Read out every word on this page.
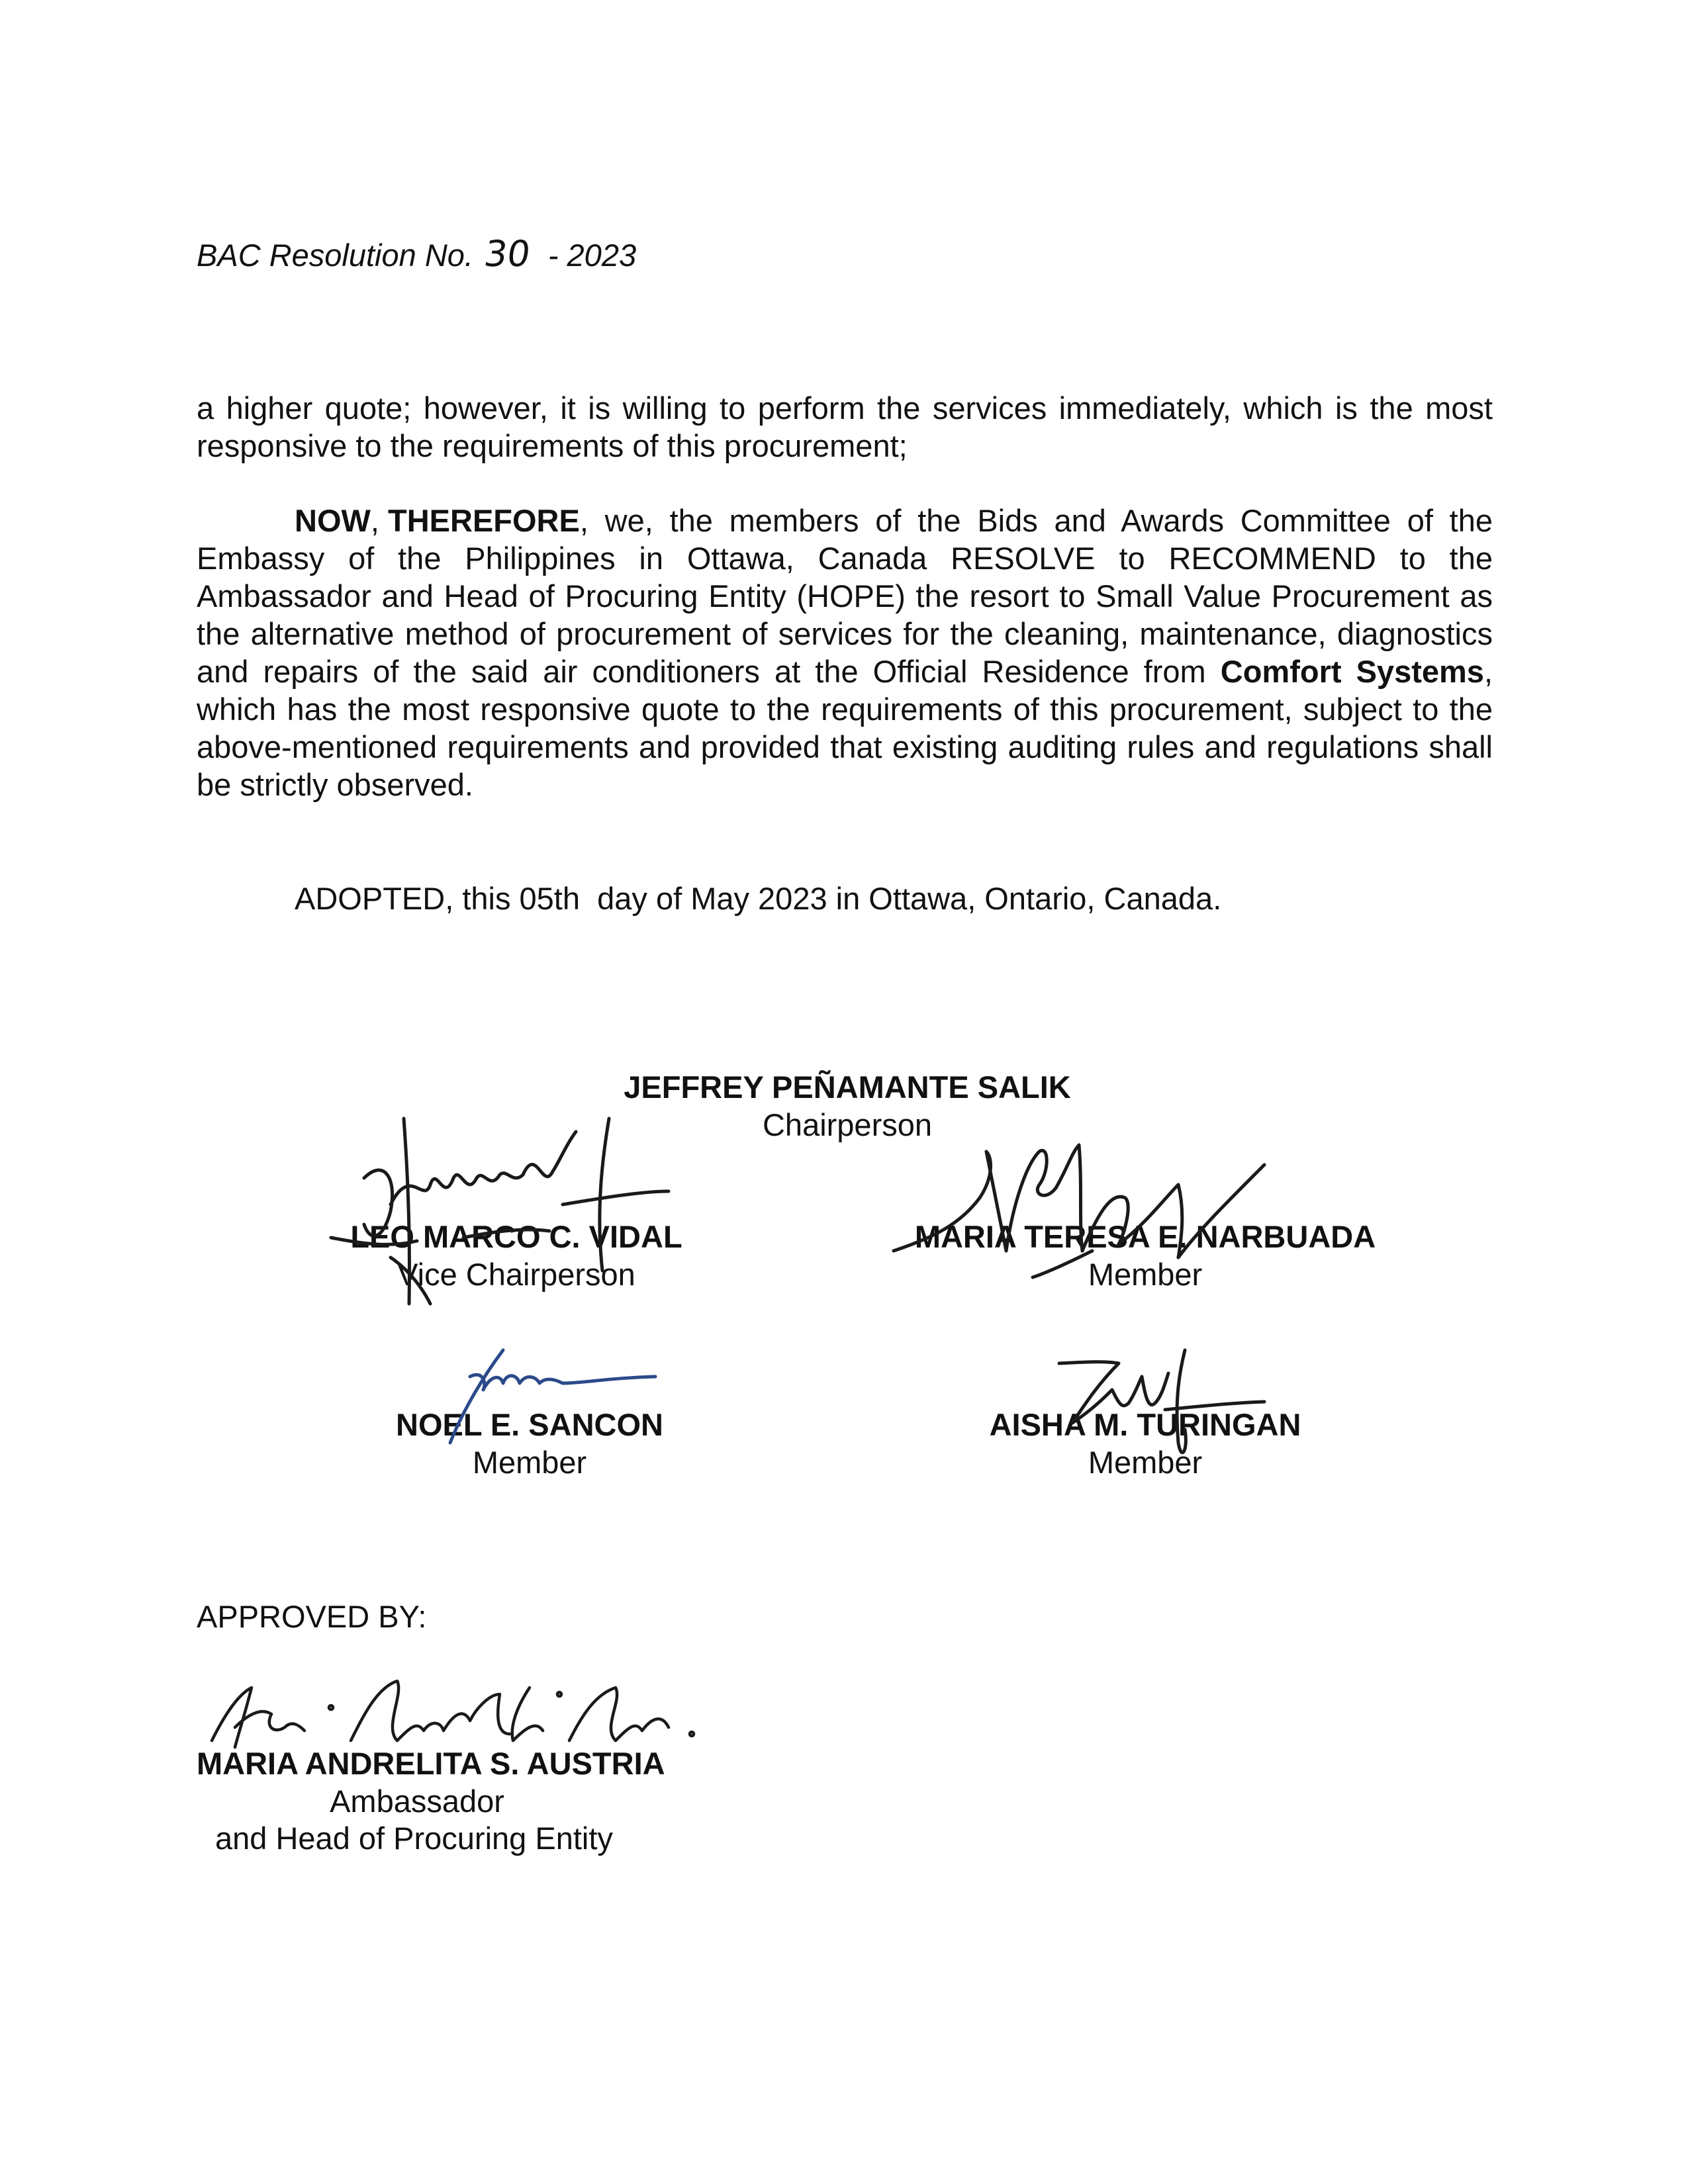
BAC Resolution No. 30 - 2023
a higher quote; however, it is willing to perform the services immediately, which is the most responsive to the requirements of this procurement;
NOW, THEREFORE, we, the members of the Bids and Awards Committee of the Embassy of the Philippines in Ottawa, Canada RESOLVE to RECOMMEND to the Ambassador and Head of Procuring Entity (HOPE) the resort to Small Value Procurement as the alternative method of procurement of services for the cleaning, maintenance, diagnostics and repairs of the said air conditioners at the Official Residence from Comfort Systems, which has the most responsive quote to the requirements of this procurement, subject to the above-mentioned requirements and provided that existing auditing rules and regulations shall be strictly observed.
ADOPTED, this 05th  day of May 2023 in Ottawa, Ontario, Canada.
JEFFREY PEÑAMANTE SALIK
Chairperson
LEO MARCO C. VIDAL
Vice Chairperson
MARIA TERESA E. NARBUADA
Member
NOEL E. SANCON
Member
AISHA M. TURINGAN
Member
APPROVED BY:
MARIA ANDRELITA S. AUSTRIA
Ambassador
and Head of Procuring Entity
